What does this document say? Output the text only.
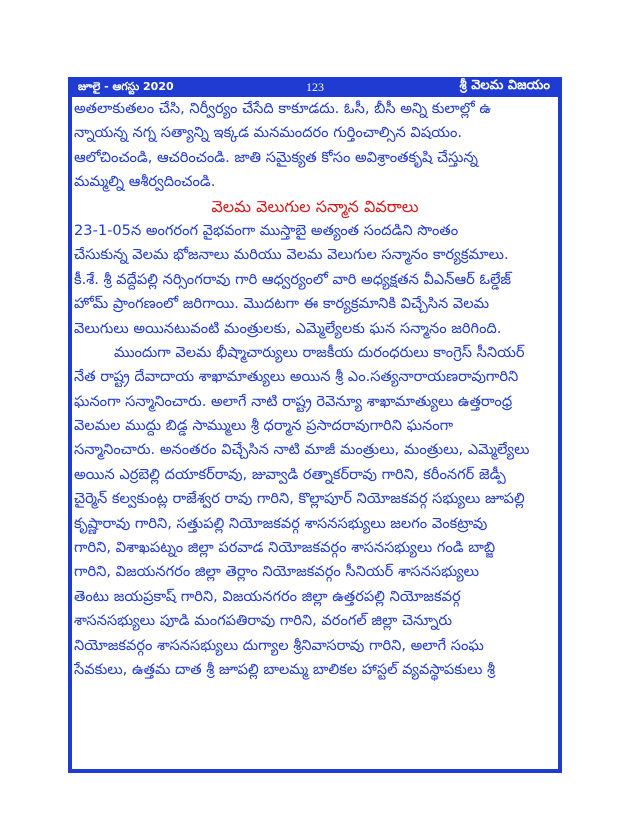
జూలై - ఆగస్టు 2020	123	శ్రీ వెలమ విజయం
అతలాకుతలం చేసి, నిర్వీర్యం చేసేది కాకూడదు. ఓసీ, బీసీ అన్ని కులాల్లో ఉ
న్నాయన్న నగ్న సత్యాన్ని ఇక్కడ మనమందరం గుర్తించాల్సిన విషయం.
ఆలోచించండి, ఆచరించండి. జాతి సమైక్యత కోసం అవిశ్రాంతకృషి చేస్తున్న
మమ్మల్ని ఆశీర్వదించండి.
వెలమ వెలుగుల సన్మాన వివరాలు
23-1-05న అంగరంగ వైభవంగా ముస్తాబై అత్యంత సందడిని సొంతం
చేసుకున్న వెలమ భోజనాలు మరియు వెలమ వెలుగుల సన్మానం కార్యక్రమాలు.
కీ.శే. శ్రీ వద్దేపల్లి నర్సింగరావు గారి ఆధ్వర్యంలో వారి అధ్యక్షతన వీఎన్ఆర్ ఓల్డేజ్
హోమ్ ప్రాంగణంలో జరిగాయి. మొదటగా ఈ కార్యక్రమానికి విచ్చేసిన వెలమ
వెలుగులు అయినటువంటి మంత్రులకు, ఎమ్మెల్యేలకు ఘన సన్మానం జరిగింది.
ముందుగా వెలమ భీష్మాచార్యులు రాజకీయ దురంధరులు కాంగ్రెస్ సీనియర్
నేత రాష్ట్ర దేవాదాయ శాఖామాత్యులు అయిన శ్రీ ఎం.సత్యనారాయణరావుగారిని
ఘనంగా సన్మానించారు. అలాగే నాటి రాష్ట్ర రెవెన్యూ శాఖామాత్యులు ఉత్తరాంధ్ర
వెలమల ముద్దు బిడ్డ సామ్ములు శ్రీ ధర్మాన ప్రసాదరావుగారిని ఘనంగా
సన్మానించారు. అనంతరం విచ్చేసిన నాటి మాజీ మంత్రులు, మంత్రులు, ఎమ్మెల్యేలు
అయిన ఎర్రబెల్లి దయాకర్‌రావు, జువ్వాడి రత్నాకర్‌రావు గారిని, కరీంనగర్ జెడ్పీ
చైర్మెన్ కల్వకుంట్ల రాజేశ్వర రావు గారిని, కొల్లాపూర్ నియోజకవర్గ సభ్యులు జూపల్లి
కృష్ణారావు గారిని, సత్తుపల్లి నియోజకవర్గ శాసనసభ్యులు జలగం వెంకట్రావు
గారిని, విశాఖపట్నం జిల్లా పరవాడ నియోజకవర్గం శాసనసభ్యులు గండి బాబ్జి
గారిని, విజయనగరం జిల్లా తెర్లాం నియోజకవర్గం సీనియర్ శాసనసభ్యులు
తెంటు జయప్రకాష్ గారిని, విజయనగరం జిల్లా ఉత్తరపల్లి నియోజకవర్గ
శాసనసభ్యులు పూడి మంగపతిరావు గారిని, వరంగల్ జిల్లా చెన్నూరు
నియోజకవర్గం శాసనసభ్యులు దుగ్యాల శ్రీనివాసరావు గారిని, అలాగే సంఘ
సేవకులు, ఉత్తమ దాత శ్రీ జూపల్లి బాలమ్మ బాలికల హాస్టల్ వ్యవస్థాపకులు శ్రీ
